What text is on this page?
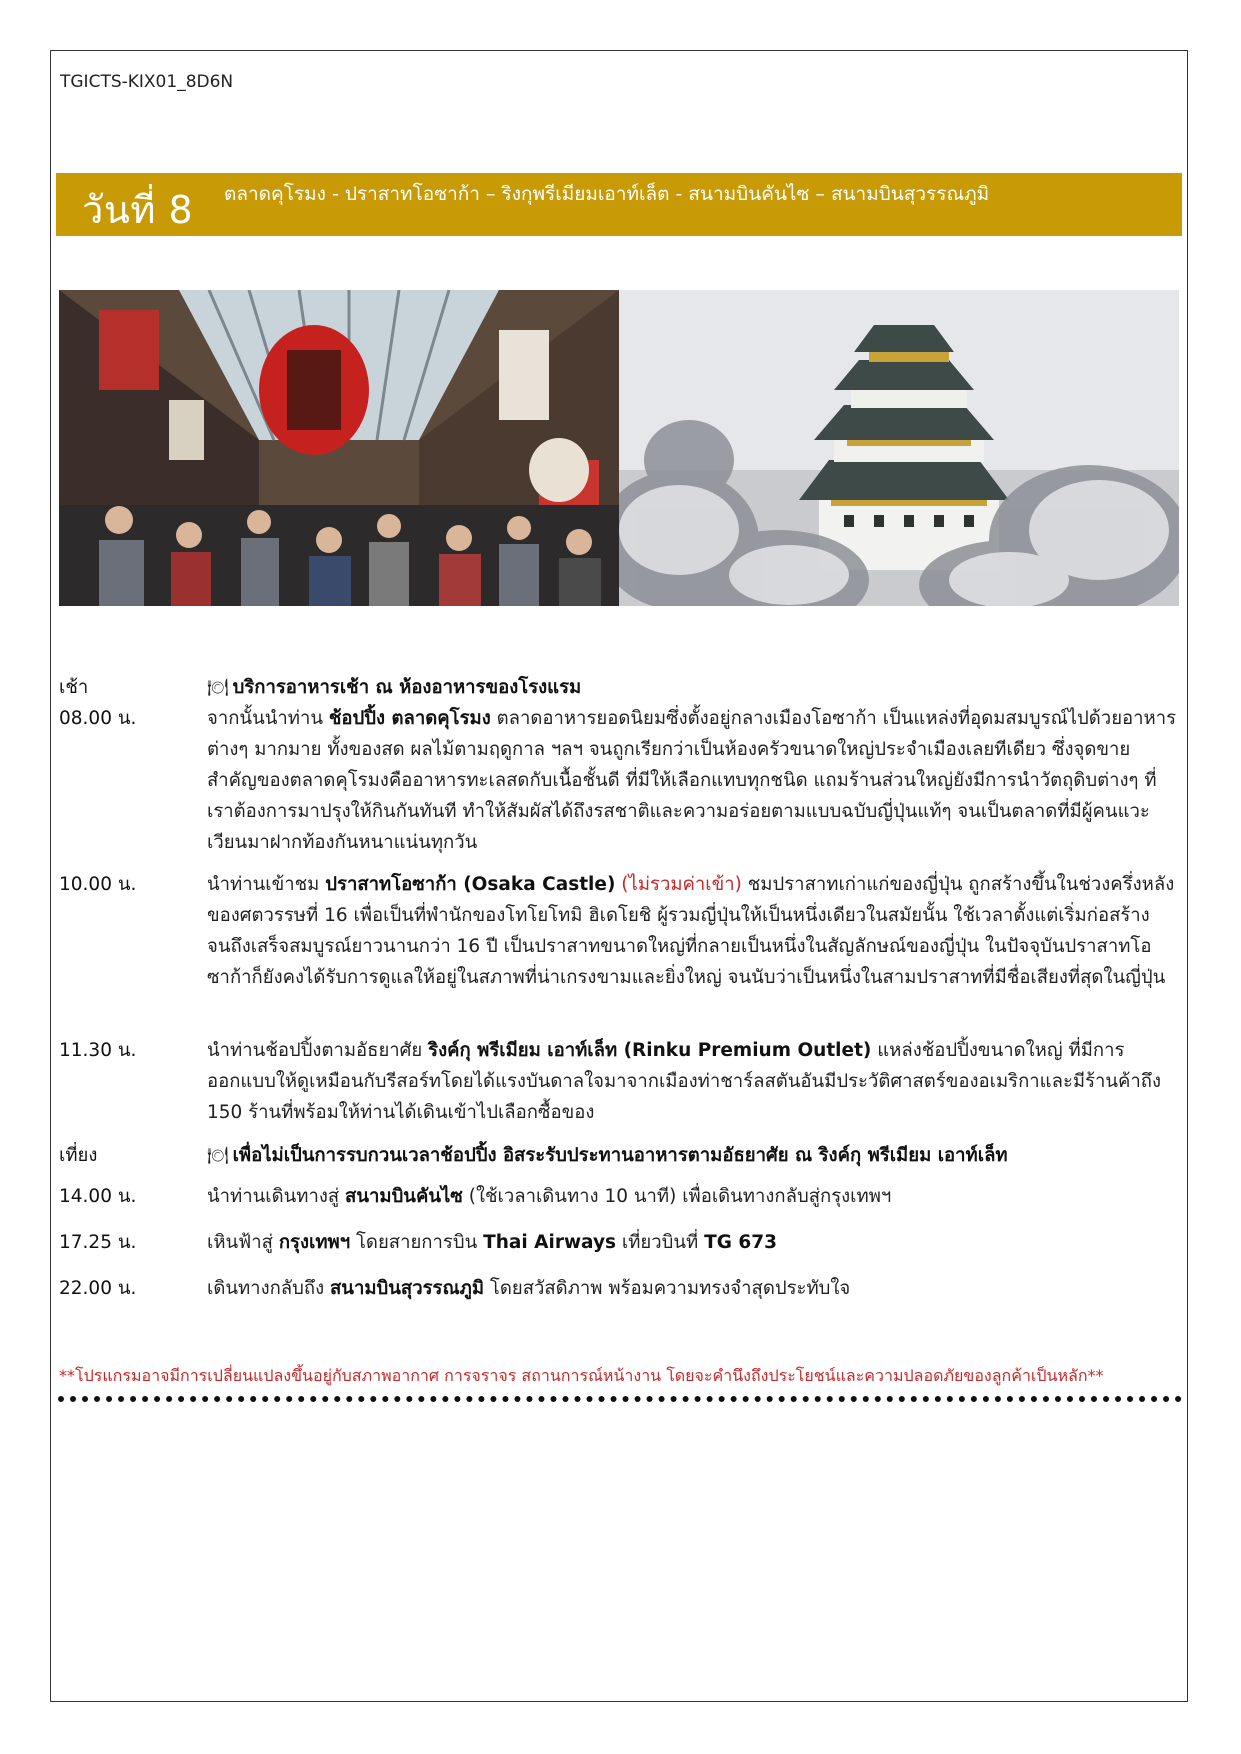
TGICTS-KIX01_8D6N
วันที่ 8 ตลาดคุโรมง - ปราสาทโอซาก้า – ริงกุพรีเมียมเอาท์เล็ต - สนามบินคันไซ – สนามบินสุวรรณภูมิ
เช้า	🍽 บริการอาหารเช้า ณ ห้องอาหารของโรงแรม
08.00 น.	จากนั้นนำท่าน ช้อปปิ้ง ตลาดคุโรมง ตลาดอาหารยอดนิยมซึ่งตั้งอยู่กลางเมืองโอซาก้า เป็นแหล่งที่อุดมสมบูรณ์ไปด้วยอาหารต่างๆ มากมาย ทั้งของสด ผลไม้ตามฤดูกาล ฯลฯ จนถูกเรียกว่าเป็นห้องครัวขนาดใหญ่ประจำเมืองเลยทีเดียว ซึ่งจุดขายสำคัญของตลาดคุโรมงคืออาหารทะเลสดกับเนื้อชั้นดี ที่มีให้เลือกแทบทุกชนิด แถมร้านส่วนใหญ่ยังมีการนำวัตถุดิบต่างๆ ที่เราต้องการมาปรุงให้กินกันทันที ทำให้สัมผัสได้ถึงรสชาติและความอร่อยตามแบบฉบับญี่ปุ่นแท้ๆ จนเป็นตลาดที่มีผู้คนแวะเวียนมาฝากท้องกันหนาแน่นทุกวัน
10.00 น.	นำท่านเข้าชม ปราสาทโอซาก้า (Osaka Castle) (ไม่รวมค่าเข้า) ชมปราสาทเก่าแก่ของญี่ปุ่น ถูกสร้างขึ้นในช่วงครึ่งหลังของศตวรรษที่ 16 เพื่อเป็นที่พำนักของโทโยโทมิ ฮิเดโยชิ ผู้รวมญี่ปุ่นให้เป็นหนึ่งเดียวในสมัยนั้น ใช้เวลาตั้งแต่เริ่มก่อสร้างจนถึงเสร็จสมบูรณ์ยาวนานกว่า 16 ปี เป็นปราสาทขนาดใหญ่ที่กลายเป็นหนึ่งในสัญลักษณ์ของญี่ปุ่น ในปัจจุบันปราสาทโอซาก้าก็ยังคงได้รับการดูแลให้อยู่ในสภาพที่น่าเกรงขามและยิ่งใหญ่ จนนับว่าเป็นหนึ่งในสามปราสาทที่มีชื่อเสียงที่สุดในญี่ปุ่น
11.30 น.	นำท่านช้อปปิ้งตามอัธยาศัย ริงค์กุ พรีเมียม เอาท์เล็ท (Rinku Premium Outlet) แหล่งช้อปปิ้งขนาดใหญ่ ที่มีการออกแบบให้ดูเหมือนกับรีสอร์ทโดยได้แรงบันดาลใจมาจากเมืองท่าชาร์ลสตันอันมีประวัติศาสตร์ของอเมริกาและมีร้านค้าถึง 150 ร้านที่พร้อมให้ท่านได้เดินเข้าไปเลือกซื้อของ
เที่ยง	🍽 เพื่อไม่เป็นการรบกวนเวลาช้อปปิ้ง อิสระรับประทานอาหารตามอัธยาศัย ณ ริงค์กุ พรีเมียม เอาท์เล็ท
14.00 น.	นำท่านเดินทางสู่ สนามบินคันไซ (ใช้เวลาเดินทาง 10 นาที) เพื่อเดินทางกลับสู่กรุงเทพฯ
17.25 น.	เหินฟ้าสู่ กรุงเทพฯ โดยสายการบิน Thai Airways เที่ยวบินที่ TG 673
22.00 น.	เดินทางกลับถึง สนามบินสุวรรณภูมิ โดยสวัสดิภาพ พร้อมความทรงจำสุดประทับใจ
**โปรแกรมอาจมีการเปลี่ยนแปลงขึ้นอยู่กับสภาพอากาศ การจราจร สถานการณ์หน้างาน โดยจะคำนึงถึงประโยชน์และความปลอดภัยของลูกค้าเป็นหลัก**
